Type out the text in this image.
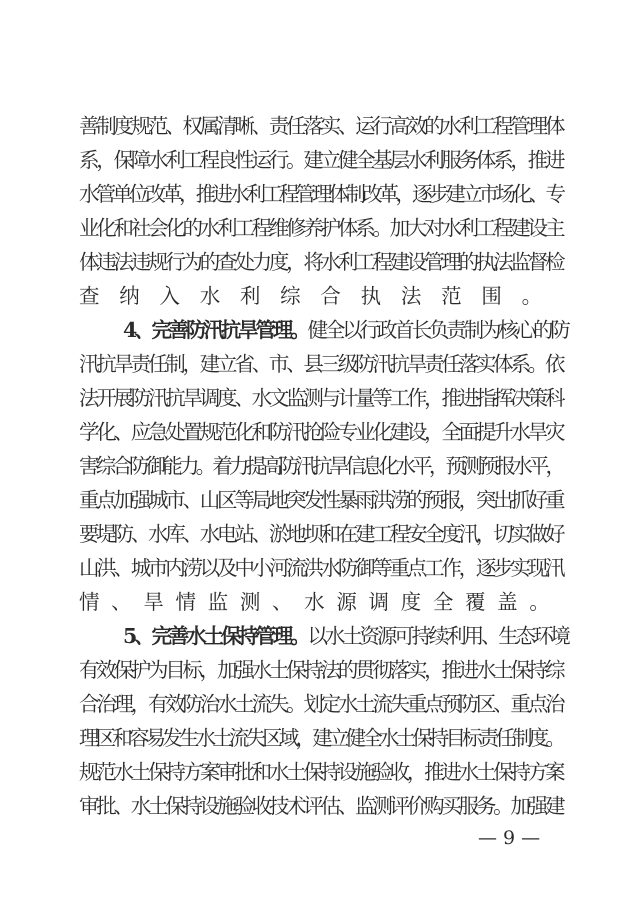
善制度规范、权属清晰、责任落实、运行高效的水利工程管理体
系，保障水利工程良性运行。建立健全基层水利服务体系，推进
水管单位改革，推进水利工程管理体制改革，逐步建立市场化、专
业化和社会化的水利工程维修养护体系。加大对水利工程建设主
体违法违规行为的查处力度，将水利工程建设管理的执法监督检
查纳入水利综合执法范围。
4、完善防汛抗旱管理。健全以行政首长负责制为核心的防
汛抗旱责任制，建立省、市、县三级防汛抗旱责任落实体系。依
法开展防汛抗旱调度、水文监测与计量等工作，推进指挥决策科
学化、应急处置规范化和防汛抢险专业化建设，全面提升水旱灾
害综合防御能力。着力提高防汛抗旱信息化水平，预测预报水平，
重点加强城市、山区等局地突发性暴雨洪涝的预报，突出抓好重
要堤防、水库、水电站、淤地坝和在建工程安全度汛，切实做好
山洪、城市内涝以及中小河流洪水防御等重点工作，逐步实现汛
情、旱情监测、水源调度全覆盖。
5、完善水土保持管理。以水土资源可持续利用、生态环境
有效保护为目标，加强水土保持法的贯彻落实，推进水土保持综
合治理，有效防治水土流失。划定水土流失重点预防区、重点治
理区和容易发生水土流失区域，建立健全水土保持目标责任制度。
规范水土保持方案审批和水土保持设施验收，推进水土保持方案
审批、水土保持设施验收技术评估、监测评价购买服务。加强建
— 9 —
